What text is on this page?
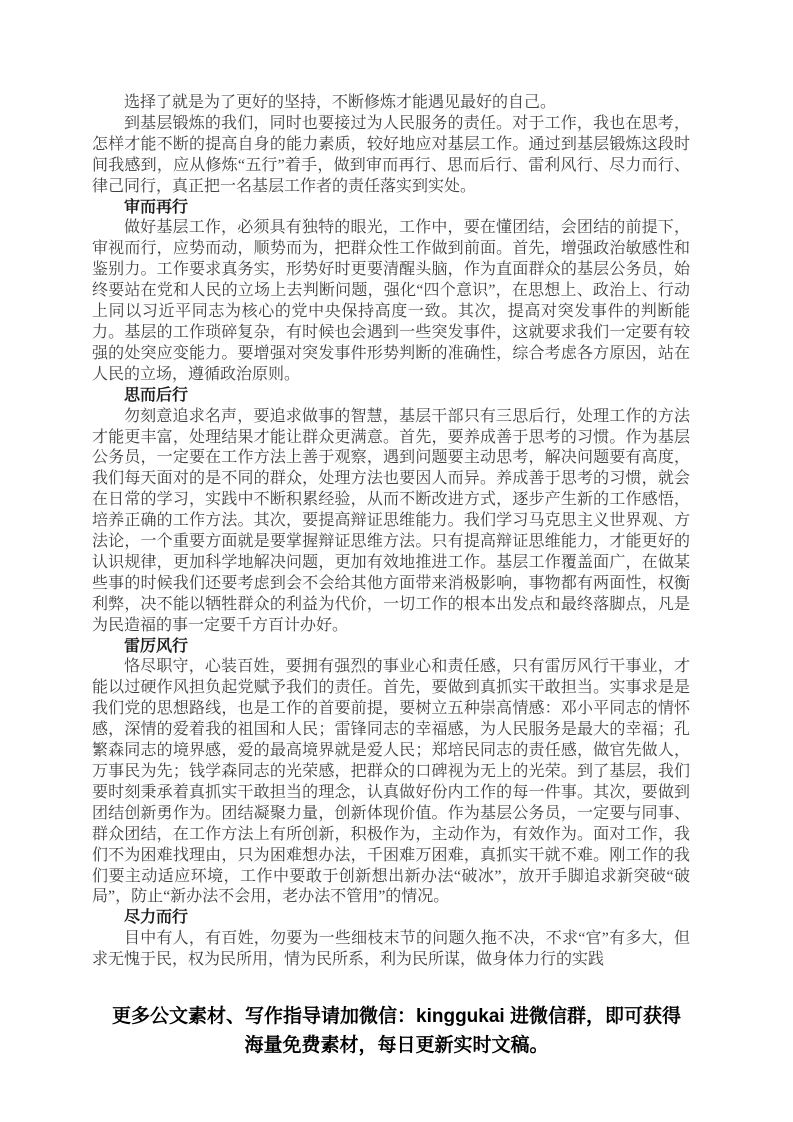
选择了就是为了更好的坚持，不断修炼才能遇见最好的自己。

到基层锻炼的我们，同时也要接过为人民服务的责任。对于工作，我也在思考，怎样才能不断的提高自身的能力素质，较好地应对基层工作。通过到基层锻炼这段时间我感到，应从修炼“五行”着手，做到审而再行、思而后行、雷利风行、尽力而行、律己同行，真正把一名基层工作者的责任落实到实处。

审而再行

做好基层工作，必须具有独特的眼光，工作中，要在懂团结，会团结的前提下，审视而行，应势而动，顺势而为，把群众性工作做到前面。首先，增强政治敏感性和鉴别力。工作要求真务实，形势好时更要清醒头脑，作为直面群众的基层公务员，始终要站在党和人民的立场上去判断问题，强化“四个意识”，在思想上、政治上、行动上同以习近平同志为核心的党中央保持高度一致。其次，提高对突发事件的判断能力。基层的工作琐碎复杂，有时候也会遇到一些突发事件，这就要求我们一定要有较强的处突应变能力。要增强对突发事件形势判断的准确性，综合考虑各方原因，站在人民的立场，遵循政治原则。

思而后行

勿刻意追求名声，要追求做事的智慧，基层干部只有三思后行，处理工作的方法才能更丰富，处理结果才能让群众更满意。首先，要养成善于思考的习惯。作为基层公务员，一定要在工作方法上善于观察，遇到问题要主动思考，解决问题要有高度，我们每天面对的是不同的群众，处理方法也要因人而异。养成善于思考的习惯，就会在日常的学习，实践中不断积累经验，从而不断改进方式，逐步产生新的工作感悟，培养正确的工作方法。其次，要提高辩证思维能力。我们学习马克思主义世界观、方法论，一个重要方面就是要掌握辩证思维方法。只有提高辩证思维能力，才能更好的认识规律，更加科学地解决问题，更加有效地推进工作。基层工作覆盖面广，在做某些事的时候我们还要考虑到会不会给其他方面带来消极影响，事物都有两面性，权衡利弊，决不能以牺牲群众的利益为代价，一切工作的根本出发点和最终落脚点，凡是为民造福的事一定要千方百计办好。

雷厉风行

恪尽职守，心装百姓，要拥有强烈的事业心和责任感，只有雷厉风行干事业，才能以过硬作风担负起党赋予我们的责任。首先，要做到真抓实干敢担当。实事求是是我们党的思想路线，也是工作的首要前提，要树立五种崇高情感：邓小平同志的情怀感，深情的爱着我的祖国和人民；雷锋同志的幸福感，为人民服务是最大的幸福；孔繁森同志的境界感，爱的最高境界就是爱人民；郑培民同志的责任感，做官先做人，万事民为先；钱学森同志的光荣感，把群众的口碑视为无上的光荣。到了基层，我们要时刻秉承着真抓实干敢担当的理念，认真做好份内工作的每一件事。其次，要做到团结创新勇作为。团结凝聚力量，创新体现价值。作为基层公务员，一定要与同事、群众团结，在工作方法上有所创新，积极作为，主动作为，有效作为。面对工作，我们不为困难找理由，只为困难想办法，千困难万困难，真抓实干就不难。刚工作的我们要主动适应环境，工作中要敢于创新想出新办法“破冰”，放开手脚追求新突破“破局”，防止“新办法不会用，老办法不管用”的情况。

尽力而行

目中有人，有百姓，勿要为一些细枝末节的问题久拖不决，不求“官”有多大，但求无愧于民，权为民所用，情为民所系，利为民所谋，做身体力行的实践

更多公文素材、写作指导请加微信：kinggukai 进微信群，即可获得
海量免费素材，每日更新实时文稿。
